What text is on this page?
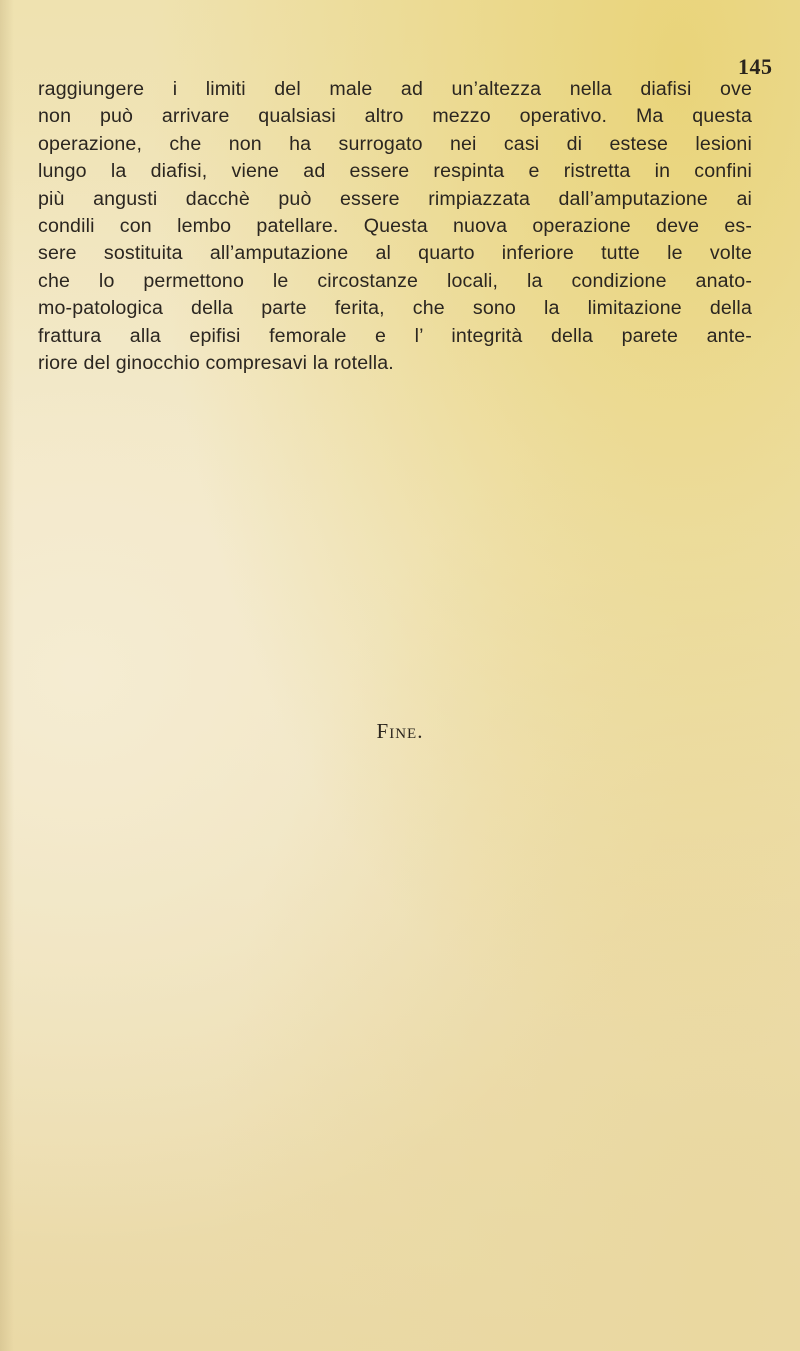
145
raggiungere i limiti del male ad un’altezza nella diafisi ove
non può arrivare qualsiasi altro mezzo operativo. Ma questa
operazione, che non ha surrogato nei casi di estese lesioni
lungo la diafisi, viene ad essere respinta e ristretta in confini
più angusti dacchè può essere rimpiazzata dall’amputazione ai
condili con lembo patellare. Questa nuova operazione deve es-
sere sostituita all’amputazione al quarto inferiore tutte le volte
che lo permettono le circostanze locali, la condizione anato-
mo-patologica della parte ferita, che sono la limitazione della
frattura alla epifisi femorale e l’ integrità della parete ante-
riore del ginocchio compresavi la rotella.
Fine.
